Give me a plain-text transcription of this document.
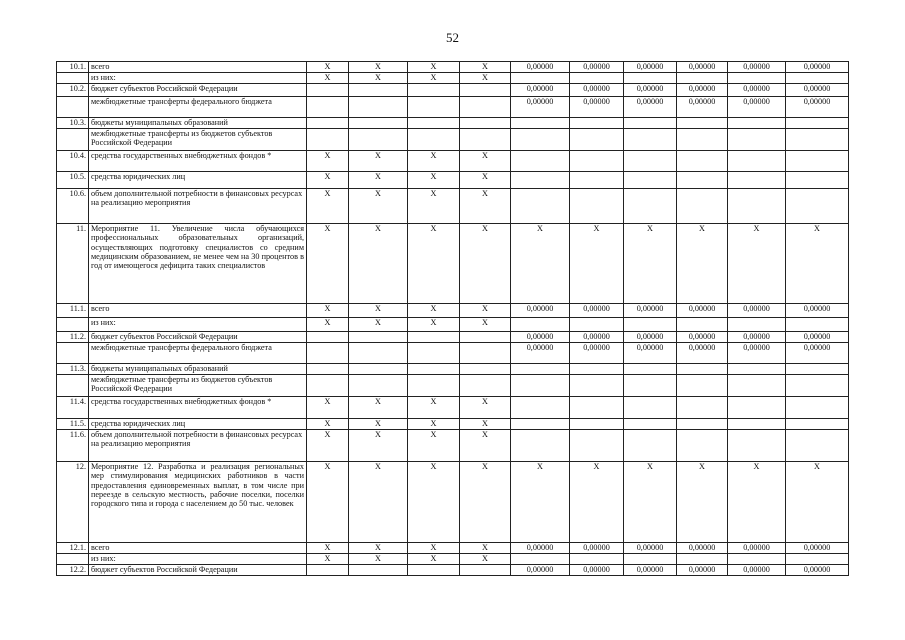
52
10.1.	всего	X	X	X	X	0,00000	0,00000	0,00000	0,00000	0,00000	0,00000
	из них:	X	X	X	X						
10.2.	бюджет субъектов Российской Федерации					0,00000	0,00000	0,00000	0,00000	0,00000	0,00000
	межбюджетные трансферты федерального бюджета					0,00000	0,00000	0,00000	0,00000	0,00000	0,00000
10.3.	бюджеты муниципальных образований										
	межбюджетные трансферты из бюджетов субъектов Российской Федерации										
10.4.	средства государственных внебюджетных фондов *	X	X	X	X						
10.5.	средства юридических лиц	X	X	X	X						
10.6.	объем дополнительной потребности в финансовых ресурсах на реализацию мероприятия	X	X	X	X						
11.	Мероприятие 11. Увеличение числа обучающихся профессиональных образовательных организаций, осуществляющих подготовку специалистов со средним медицинским образованием, не менее чем на 30 процентов в год от имеющегося дефицита таких специалистов	X	X	X	X	X	X	X	X	X	X
11.1.	всего	X	X	X	X	0,00000	0,00000	0,00000	0,00000	0,00000	0,00000
	из них:	X	X	X	X						
11.2.	бюджет субъектов Российской Федерации					0,00000	0,00000	0,00000	0,00000	0,00000	0,00000
	межбюджетные трансферты федерального бюджета					0,00000	0,00000	0,00000	0,00000	0,00000	0,00000
11.3.	бюджеты муниципальных образований										
	межбюджетные трансферты из бюджетов субъектов Российской Федерации										
11.4.	средства государственных внебюджетных фондов *	X	X	X	X						
11.5.	средства юридических лиц	X	X	X	X						
11.6.	объем дополнительной потребности в финансовых ресурсах на реализацию мероприятия	X	X	X	X						
12.	Мероприятие 12. Разработка и реализация региональных мер стимулирования медицинских работников в части предоставления единовременных выплат, в том числе при переезде в сельскую местность, рабочие поселки, поселки городского типа и города с населением до 50 тыс. человек	X	X	X	X	X	X	X	X	X	X
12.1.	всего	X	X	X	X	0,00000	0,00000	0,00000	0,00000	0,00000	0,00000
	из них:	X	X	X	X						
12.2.	бюджет субъектов Российской Федерации					0,00000	0,00000	0,00000	0,00000	0,00000	0,00000
